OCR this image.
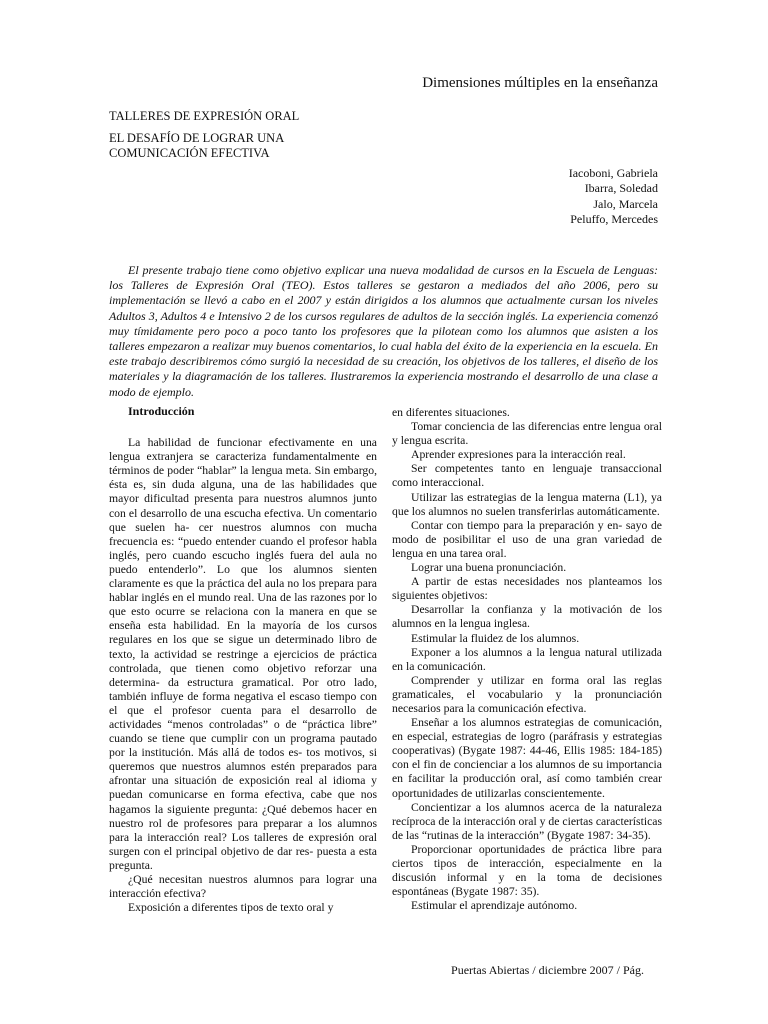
Dimensiones múltiples en la enseñanza
TALLERES DE EXPRESIÓN ORAL
EL DESAFÍO DE LOGRAR UNA COMUNICACIÓN EFECTIVA
Iacoboni, Gabriela
Ibarra, Soledad
Jalo, Marcela
Peluffo, Mercedes

El presente trabajo tiene como objetivo explicar una nueva modalidad de cursos en la Escuela de Lenguas: los Talleres de Expresión Oral (TEO). Estos talleres se gestaron a mediados del año 2006, pero su implementación se llevó a cabo en el 2007 y están dirigidos a los alumnos que actualmente cursan los niveles Adultos 3, Adultos 4 e Intensivo 2 de los cursos regulares de adultos de la sección inglés. La experiencia comenzó muy tímidamente pero poco a poco tanto los profesores que la pilotean como los alumnos que asisten a los talleres empezaron a realizar muy buenos comentarios, lo cual habla del éxito de la experiencia en la escuela. En este trabajo describiremos cómo surgió la necesidad de su creación, los objetivos de los talleres, el diseño de los materiales y la diagramación de los talleres. Ilustraremos la experiencia mostrando el desarrollo de una clase a modo de ejemplo.

Introducción

La habilidad de funcionar efectivamente en una lengua extranjera se caracteriza fundamentalmente en términos de poder “hablar” la lengua meta. Sin embargo, ésta es, sin duda alguna, una de las habilidades que mayor dificultad presenta para nuestros alumnos junto con el desarrollo de una escucha efectiva. Un comentario que suelen ha- cer nuestros alumnos con mucha frecuencia es: “puedo entender cuando el profesor habla inglés, pero cuando escucho inglés fuera del aula no puedo entenderlo”. Lo que los alumnos sienten claramente es que la práctica del aula no los prepara para hablar inglés en el mundo real. Una de las razones por lo que esto ocurre se relaciona con la manera en que se enseña esta habilidad. En la mayoría de los cursos regulares en los que se sigue un determinado libro de texto, la actividad se restringe a ejercicios de práctica controlada, que tienen como objetivo reforzar una determina- da estructura gramatical. Por otro lado, también influye de forma negativa el escaso tiempo con el que el profesor cuenta para el desarrollo de actividades “menos controladas” o de “práctica libre” cuando se tiene que cumplir con un programa pautado por la institución. Más allá de todos es- tos motivos, si queremos que nuestros alumnos estén preparados para afrontar una situación de exposición real al idioma y puedan comunicarse en forma efectiva, cabe que nos hagamos la siguiente pregunta: ¿Qué debemos hacer en nuestro rol de profesores para preparar a los alumnos para la interacción real? Los talleres de expresión oral surgen con el principal objetivo de dar res- puesta a esta pregunta.

¿Qué necesitan nuestros alumnos para lograr una interacción efectiva?

Exposición a diferentes tipos de texto oral y

en diferentes situaciones.

Tomar conciencia de las diferencias entre lengua oral y lengua escrita.

Aprender expresiones para la interacción real.

Ser competentes tanto en lenguaje transaccional como interaccional.

Utilizar las estrategias de la lengua materna (L1), ya que los alumnos no suelen transferirlas automáticamente.

Contar con tiempo para la preparación y en- sayo de modo de posibilitar el uso de una gran variedad de lengua en una tarea oral.

Lograr una buena pronunciación.

A partir de estas necesidades nos planteamos los siguientes objetivos:

Desarrollar la confianza y la motivación de los alumnos en la lengua inglesa.

Estimular la fluidez de los alumnos.

Exponer a los alumnos a la lengua natural utilizada en la comunicación.

Comprender y utilizar en forma oral las reglas gramaticales, el vocabulario y la pronunciación necesarios para la comunicación efectiva.

Enseñar a los alumnos estrategias de comunicación, en especial, estrategias de logro (paráfrasis y estrategias cooperativas) (Bygate 1987: 44-46, Ellis 1985: 184-185) con el fin de concienciar a los alumnos de su importancia en facilitar la producción oral, así como también crear oportunidades de utilizarlas conscientemente.

Concientizar a los alumnos acerca de la naturaleza recíproca de la interacción oral y de ciertas características de las “rutinas de la interacción” (Bygate 1987: 34-35).

Proporcionar oportunidades de práctica libre para ciertos tipos de interacción, especialmente en la discusión informal y en la toma de decisiones espontáneas (Bygate 1987: 35).

Estimular el aprendizaje autónomo.

Puertas Abiertas / diciembre 2007 / Pág.
